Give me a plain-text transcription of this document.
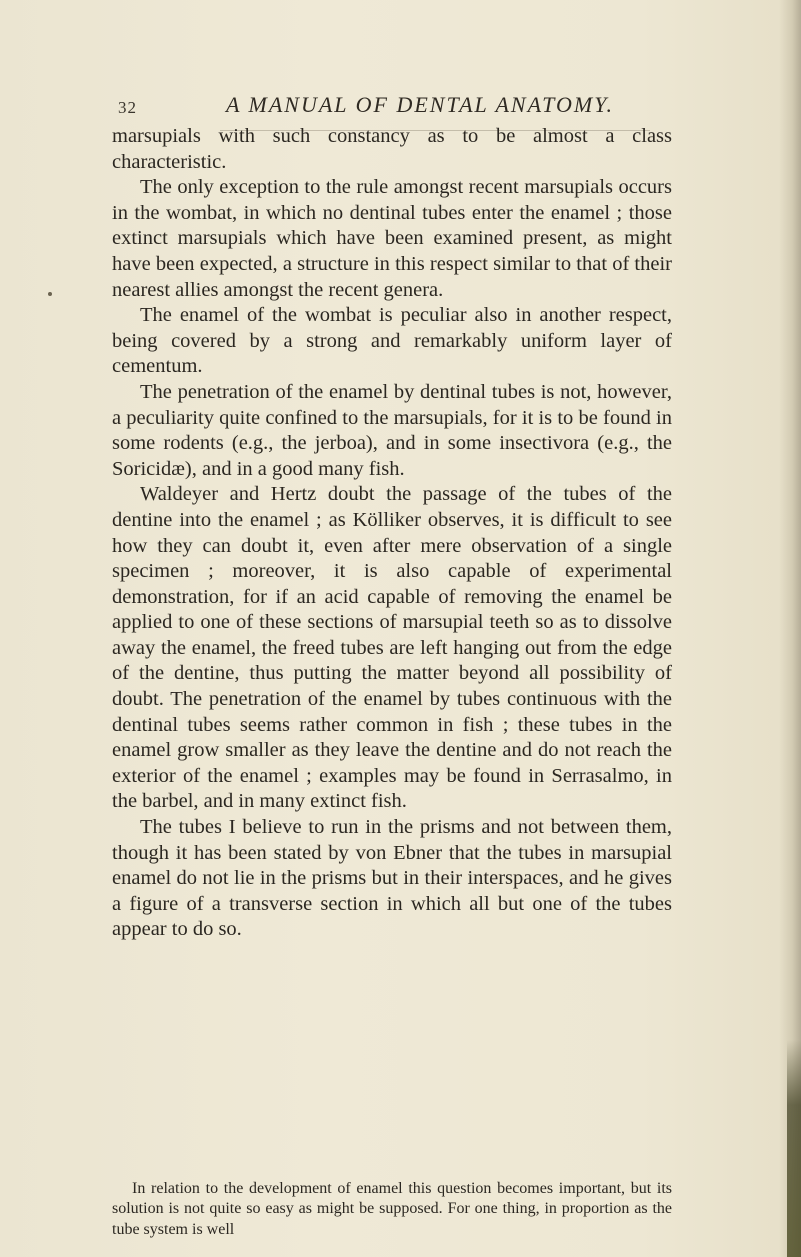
32	A MANUAL OF DENTAL ANATOMY.

marsupials with such constancy as to be almost a class characteristic.

The only exception to the rule amongst recent marsupials occurs in the wombat, in which no dentinal tubes enter the enamel ; those extinct marsupials which have been examined present, as might have been expected, a structure in this respect similar to that of their nearest allies amongst the recent genera.

The enamel of the wombat is peculiar also in another respect, being covered by a strong and remarkably uniform layer of cementum.

The penetration of the enamel by dentinal tubes is not, however, a peculiarity quite confined to the marsupials, for it is to be found in some rodents (e.g., the jerboa), and in some insectivora (e.g., the Soricidæ), and in a good many fish.

Waldeyer and Hertz doubt the passage of the tubes of the dentine into the enamel ; as Kölliker observes, it is difficult to see how they can doubt it, even after mere observation of a single specimen ; moreover, it is also capable of experimental demonstration, for if an acid capable of removing the enamel be applied to one of these sections of marsupial teeth so as to dissolve away the enamel, the freed tubes are left hanging out from the edge of the dentine, thus putting the matter beyond all possibility of doubt. The penetration of the enamel by tubes continuous with the dentinal tubes seems rather common in fish ; these tubes in the enamel grow smaller as they leave the dentine and do not reach the exterior of the enamel ; examples may be found in Serrasalmo, in the barbel, and in many extinct fish.

The tubes I believe to run in the prisms and not between them, though it has been stated by von Ebner that the tubes in marsupial enamel do not lie in the prisms but in their interspaces, and he gives a figure of a transverse section in which all but one of the tubes appear to do so.

In relation to the development of enamel this question becomes important, but its solution is not quite so easy as might be supposed. For one thing, in proportion as the tube system is well
